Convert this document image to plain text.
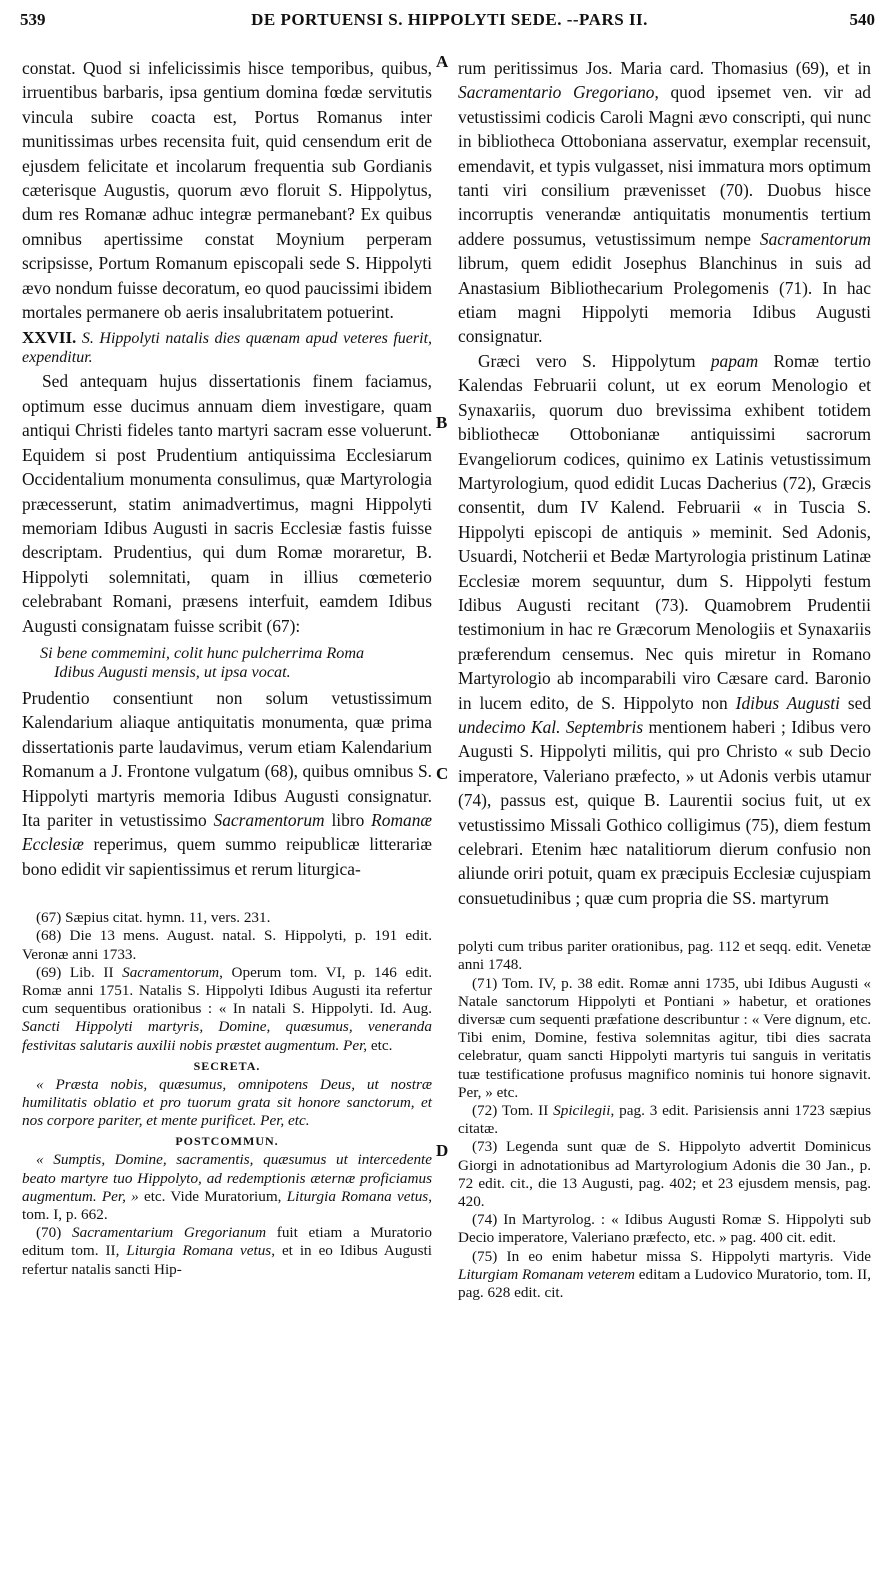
539	DE PORTUENSI S. HIPPOLYTI SEDE. --PARS II.	540
A
B
C
D

constat. Quod si infelicissimis hisce temporibus, quibus, irruentibus barbaris, ipsa gentium domina fœdæ servitutis vincula subire coacta est, Portus Romanus inter munitissimas urbes recensita fuit, quid censendum erit de ejusdem felicitate et incolarum frequentia sub Gordianis cæterisque Augustis, quorum ævo floruit S. Hippolytus, dum res Romanæ adhuc integræ permanebant? Ex quibus omnibus apertissime constat Moynium perperam scripsisse, Portum Romanum episcopali sede S. Hippolyti ævo nondum fuisse decoratum, eo quod paucissimi ibidem mortales permanere ob aeris insalubritatem potuerint.

XXVII. S. Hippolyti natalis dies quænam apud veteres fuerit, expenditur.

Sed antequam hujus dissertationis finem faciamus, optimum esse ducimus annuam diem investigare, quam antiqui Christi fideles tanto martyri sacram esse voluerunt. Equidem si post Prudentium antiquissima Ecclesiarum Occidentalium monumenta consulimus, quæ Martyrologia præcesserunt, statim animadvertimus, magni Hippolyti memoriam Idibus Augusti in sacris Ecclesiæ fastis fuisse descriptam. Prudentius, qui dum Romæ moraretur, B. Hippolyti solemnitati, quam in illius cœmeterio celebrabant Romani, præsens interfuit, eamdem Idibus Augusti consignatam fuisse scribit (67):

Si bene commemini, colit hunc pulcherrima Roma
Idibus Augusti mensis, ut ipsa vocat.

Prudentio consentiunt non solum vetustissimum Kalendarium aliaque antiquitatis monumenta, quæ prima dissertationis parte laudavimus, verum etiam Kalendarium Romanum a J. Frontone vulgatum (68), quibus omnibus S. Hippolyti martyris memoria Idibus Augusti consignatur. Ita pariter in vetustissimo Sacramentorum libro Romanæ Ecclesiæ reperimus, quem summo reipublicæ litterariæ bono edidit vir sapientissimus et rerum liturgica-

(67) Sæpius citat. hymn. 11, vers. 231.

(68) Die 13 mens. August. natal. S. Hippolyti, p. 191 edit. Veronæ anni 1733.

(69) Lib. II Sacramentorum, Operum tom. VI, p. 146 edit. Romæ anni 1751. Natalis S. Hippolyti Idibus Augusti ita refertur cum sequentibus orationibus : « In natali S. Hippolyti. Id. Aug. Sancti Hippolyti martyris, Domine, quæsumus, veneranda festivitas salutaris auxilii nobis præstet augmentum. Per, etc.

SECRETA.

« Præsta nobis, quæsumus, omnipotens Deus, ut nostræ humilitatis oblatio et pro tuorum grata sit honore sanctorum, et nos corpore pariter, et mente purificet. Per, etc.

POSTCOMMUN.

« Sumptis, Domine, sacramentis, quæsumus ut intercedente beato martyre tuo Hippolyto, ad redemptionis æternæ proficiamus augmentum. Per, » etc. Vide Muratorium, Liturgia Romana vetus, tom. I, p. 662.

(70) Sacramentarium Gregorianum fuit etiam a Muratorio editum tom. II, Liturgia Romana vetus, et in eo Idibus Augusti refertur natalis sancti Hip-

rum peritissimus Jos. Maria card. Thomasius (69), et in Sacramentario Gregoriano, quod ipsemet ven. vir ad vetustissimi codicis Caroli Magni ævo conscripti, qui nunc in bibliotheca Ottoboniana asservatur, exemplar recensuit, emendavit, et typis vulgasset, nisi immatura mors optimum tanti viri consilium prævenisset (70). Duobus hisce incorruptis venerandæ antiquitatis monumentis tertium addere possumus, vetustissimum nempe Sacramentorum librum, quem edidit Josephus Blanchinus in suis ad Anastasium Bibliothecarium Prolegomenis (71). In hac etiam magni Hippolyti memoria Idibus Augusti consignatur.

Græci vero S. Hippolytum papam Romæ tertio Kalendas Februarii colunt, ut ex eorum Menologio et Synaxariis, quorum duo brevissima exhibent totidem bibliothecæ Ottobonianæ antiquissimi sacrorum Evangeliorum codices, quinimo ex Latinis vetustissimum Martyrologium, quod edidit Lucas Dacherius (72), Græcis consentit, dum IV Kalend. Februarii « in Tuscia S. Hippolyti episcopi de antiquis » meminit. Sed Adonis, Usuardi, Notcherii et Bedæ Martyrologia pristinum Latinæ Ecclesiæ morem sequuntur, dum S. Hippolyti festum Idibus Augusti recitant (73). Quamobrem Prudentii testimonium in hac re Græcorum Menologiis et Synaxariis præferendum censemus. Nec quis miretur in Romano Martyrologio ab incomparabili viro Cæsare card. Baronio in lucem edito, de S. Hippolyto non Idibus Augusti sed undecimo Kal. Septembris mentionem haberi ; Idibus vero Augusti S. Hippolyti militis, qui pro Christo « sub Decio imperatore, Valeriano præfecto, » ut Adonis verbis utamur (74), passus est, quique B. Laurentii socius fuit, ut ex vetustissimo Missali Gothico colligimus (75), diem festum celebrari. Etenim hæc natalitiorum dierum confusio non aliunde oriri potuit, quam ex præcipuis Ecclesiæ cujuspiam consuetudinibus ; quæ cum propria die SS. martyrum

polyti cum tribus pariter orationibus, pag. 112 et seqq. edit. Venetæ anni 1748.

(71) Tom. IV, p. 38 edit. Romæ anni 1735, ubi Idibus Augusti « Natale sanctorum Hippolyti et Pontiani » habetur, et orationes diversæ cum sequenti præfatione describuntur : « Vere dignum, etc. Tibi enim, Domine, festiva solemnitas agitur, tibi dies sacrata celebratur, quam sancti Hippolyti martyris tui sanguis in veritatis tuæ testificatione profusus magnifico nominis tui honore signavit. Per, » etc.

(72) Tom. II Spicilegii, pag. 3 edit. Parisiensis anni 1723 sæpius citatæ.

(73) Legenda sunt quæ de S. Hippolyto advertit Dominicus Giorgi in adnotationibus ad Martyrologium Adonis die 30 Jan., p. 72 edit. cit., die 13 Augusti, pag. 402; et 23 ejusdem mensis, pag. 420.

(74) In Martyrolog. : « Idibus Augusti Romæ S. Hippolyti sub Decio imperatore, Valeriano præfecto, etc. » pag. 400 cit. edit.

(75) In eo enim habetur missa S. Hippolyti martyris. Vide Liturgiam Romanam veterem editam a Ludovico Muratorio, tom. II, pag. 628 edit. cit.
